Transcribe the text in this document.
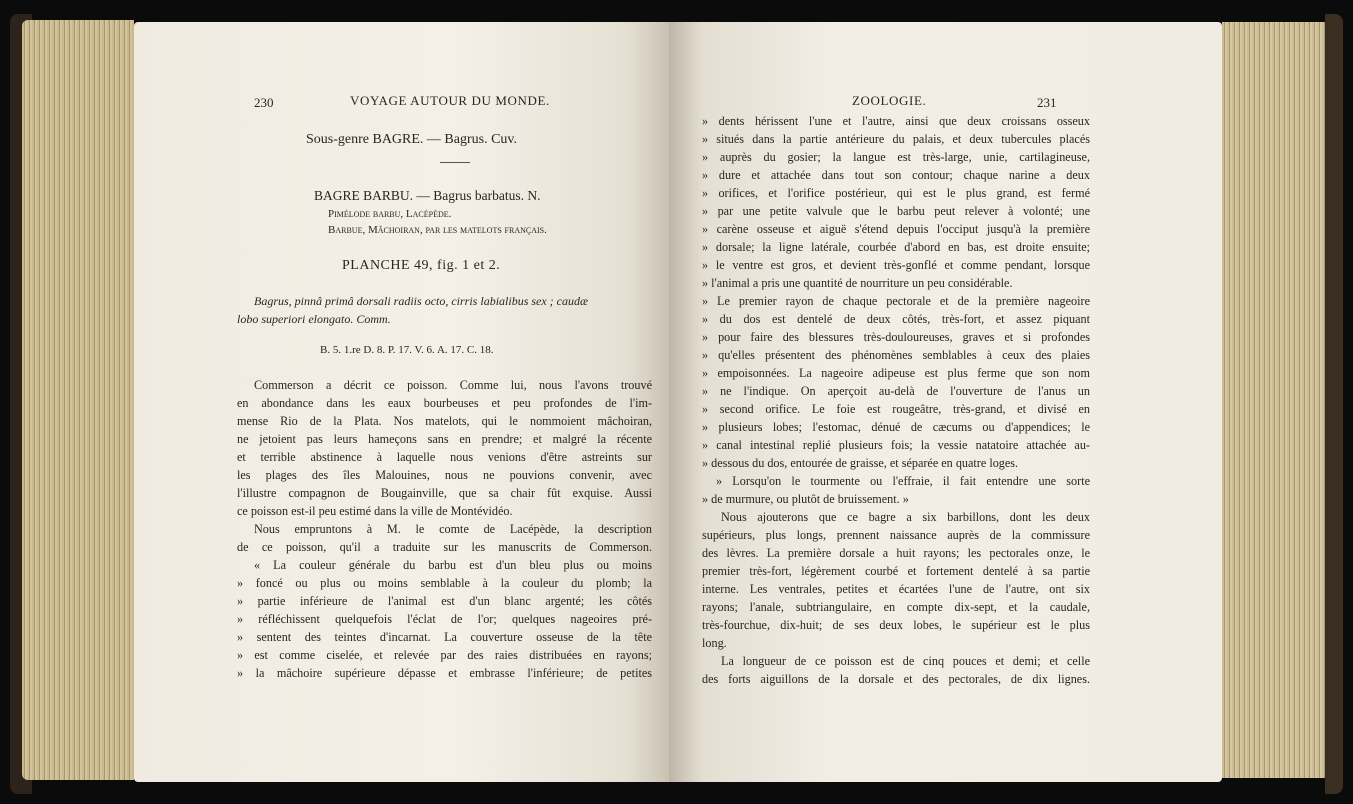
230	VOYAGE AUTOUR DU MONDE.
Sous-genre BAGRE. — Bagrus. Cuv.
BAGRE BARBU. — Bagrus barbatus. N.
Pimélode barbu, Lacépède.
Barbue, Mâchoiran, par les matelots français.
PLANCHE 49, fig. 1 et 2.
Bagrus, pinnâ primâ dorsali radiis octo, cirris labialibus sex ; caudæ
lobo superiori elongato. Comm.
B. 5. 1.re D. 8. P. 17. V. 6. A. 17. C. 18.
Commerson a décrit ce poisson. Comme lui, nous l'avons trouvé
en abondance dans les eaux bourbeuses et peu profondes de l'im-
mense Rio de la Plata. Nos matelots, qui le nommoient mâchoiran,
ne jetoient pas leurs hameçons sans en prendre; et malgré la récente
et terrible abstinence à laquelle nous venions d'être astreints sur
les plages des îles Malouines, nous ne pouvions convenir, avec
l'illustre compagnon de Bougainville, que sa chair fût exquise. Aussi
ce poisson est-il peu estimé dans la ville de Montévidéo.
Nous empruntons à M. le comte de Lacépède, la description
de ce poisson, qu'il a traduite sur les manuscrits de Commerson.
« La couleur générale du barbu est d'un bleu plus ou moins
» foncé ou plus ou moins semblable à la couleur du plomb; la
» partie inférieure de l'animal est d'un blanc argenté; les côtés
» réfléchissent quelquefois l'éclat de l'or; quelques nageoires pré-
» sentent des teintes d'incarnat. La couverture osseuse de la tête
» est comme ciselée, et relevée par des raies distribuées en rayons;
» la mâchoire supérieure dépasse et embrasse l'inférieure; de petites
ZOOLOGIE.	231
» dents hérissent l'une et l'autre, ainsi que deux croissans osseux
» situés dans la partie antérieure du palais, et deux tubercules placés
» auprès du gosier; la langue est très-large, unie, cartilagineuse,
» dure et attachée dans tout son contour; chaque narine a deux
» orifices, et l'orifice postérieur, qui est le plus grand, est fermé
» par une petite valvule que le barbu peut relever à volonté; une
» carène osseuse et aiguë s'étend depuis l'occiput jusqu'à la première
» dorsale; la ligne latérale, courbée d'abord en bas, est droite ensuite;
» le ventre est gros, et devient très-gonflé et comme pendant, lorsque
» l'animal a pris une quantité de nourriture un peu considérable.
» Le premier rayon de chaque pectorale et de la première nageoire
» du dos est dentelé de deux côtés, très-fort, et assez piquant
» pour faire des blessures très-douloureuses, graves et si profondes
» qu'elles présentent des phénomènes semblables à ceux des plaies
» empoisonnées. La nageoire adipeuse est plus ferme que son nom
» ne l'indique. On aperçoit au-delà de l'ouverture de l'anus un
» second orifice. Le foie est rougeâtre, très-grand, et divisé en
» plusieurs lobes; l'estomac, dénué de cæcums ou d'appendices; le
» canal intestinal replié plusieurs fois; la vessie natatoire attachée au-
» dessous du dos, entourée de graisse, et séparée en quatre loges.
» Lorsqu'on le tourmente ou l'effraie, il fait entendre une sorte
» de murmure, ou plutôt de bruissement. »
Nous ajouterons que ce bagre a six barbillons, dont les deux
supérieurs, plus longs, prennent naissance auprès de la commissure
des lèvres. La première dorsale a huit rayons; les pectorales onze, le
premier très-fort, légèrement courbé et fortement dentelé à sa partie
interne. Les ventrales, petites et écartées l'une de l'autre, ont six
rayons; l'anale, subtriangulaire, en compte dix-sept, et la caudale,
très-fourchue, dix-huit; de ses deux lobes, le supérieur est le plus
long.
La longueur de ce poisson est de cinq pouces et demi; et celle
des forts aiguillons de la dorsale et des pectorales, de dix lignes.
